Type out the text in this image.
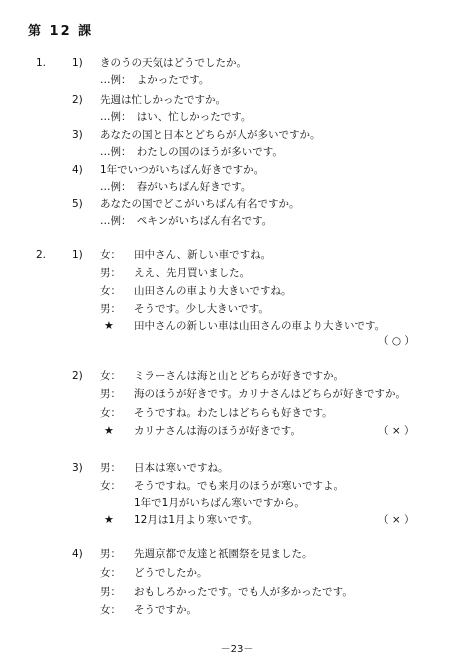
第 12 課
1. 1) きのうの天気はどうでしたか。
…例：　よかったです。
2) 先週は忙しかったですか。
…例：　はい、忙しかったです。
3) あなたの国と日本とどちらが人が多いですか。
…例：　わたしの国のほうが多いです。
4) 1年でいつがいちばん好きですか。
…例：　春がいちばん好きです。
5) あなたの国でどこがいちばん有名ですか。
…例：　ペキンがいちばん有名です。
2. 1) 女：	田中さん、新しい車ですね。
男：	ええ、先月買いました。
女：	山田さんの車より大きいですね。
男：	そうです。少し大きいです。
★ 田中さんの新しい車は山田さんの車より大きいです。
（ ○ ）
2) 女：	ミラーさんは海と山とどちらが好きですか。
男：	海のほうが好きです。カリナさんはどちらが好きですか。
女：	そうですね。わたしはどちらも好きです。
★ カリナさんは海のほうが好きです。	（ × ）
3) 男：	日本は寒いですね。
女：	そうですね。でも来月のほうが寒いですよ。
1年で1月がいちばん寒いですから。
★ 12月は1月より寒いです。	（ × ）
4) 男：	先週京都で友達と祇園祭を見ました。
女：	どうでしたか。
男：	おもしろかったです。でも人が多かったです。
女：	そうですか。
－23－
